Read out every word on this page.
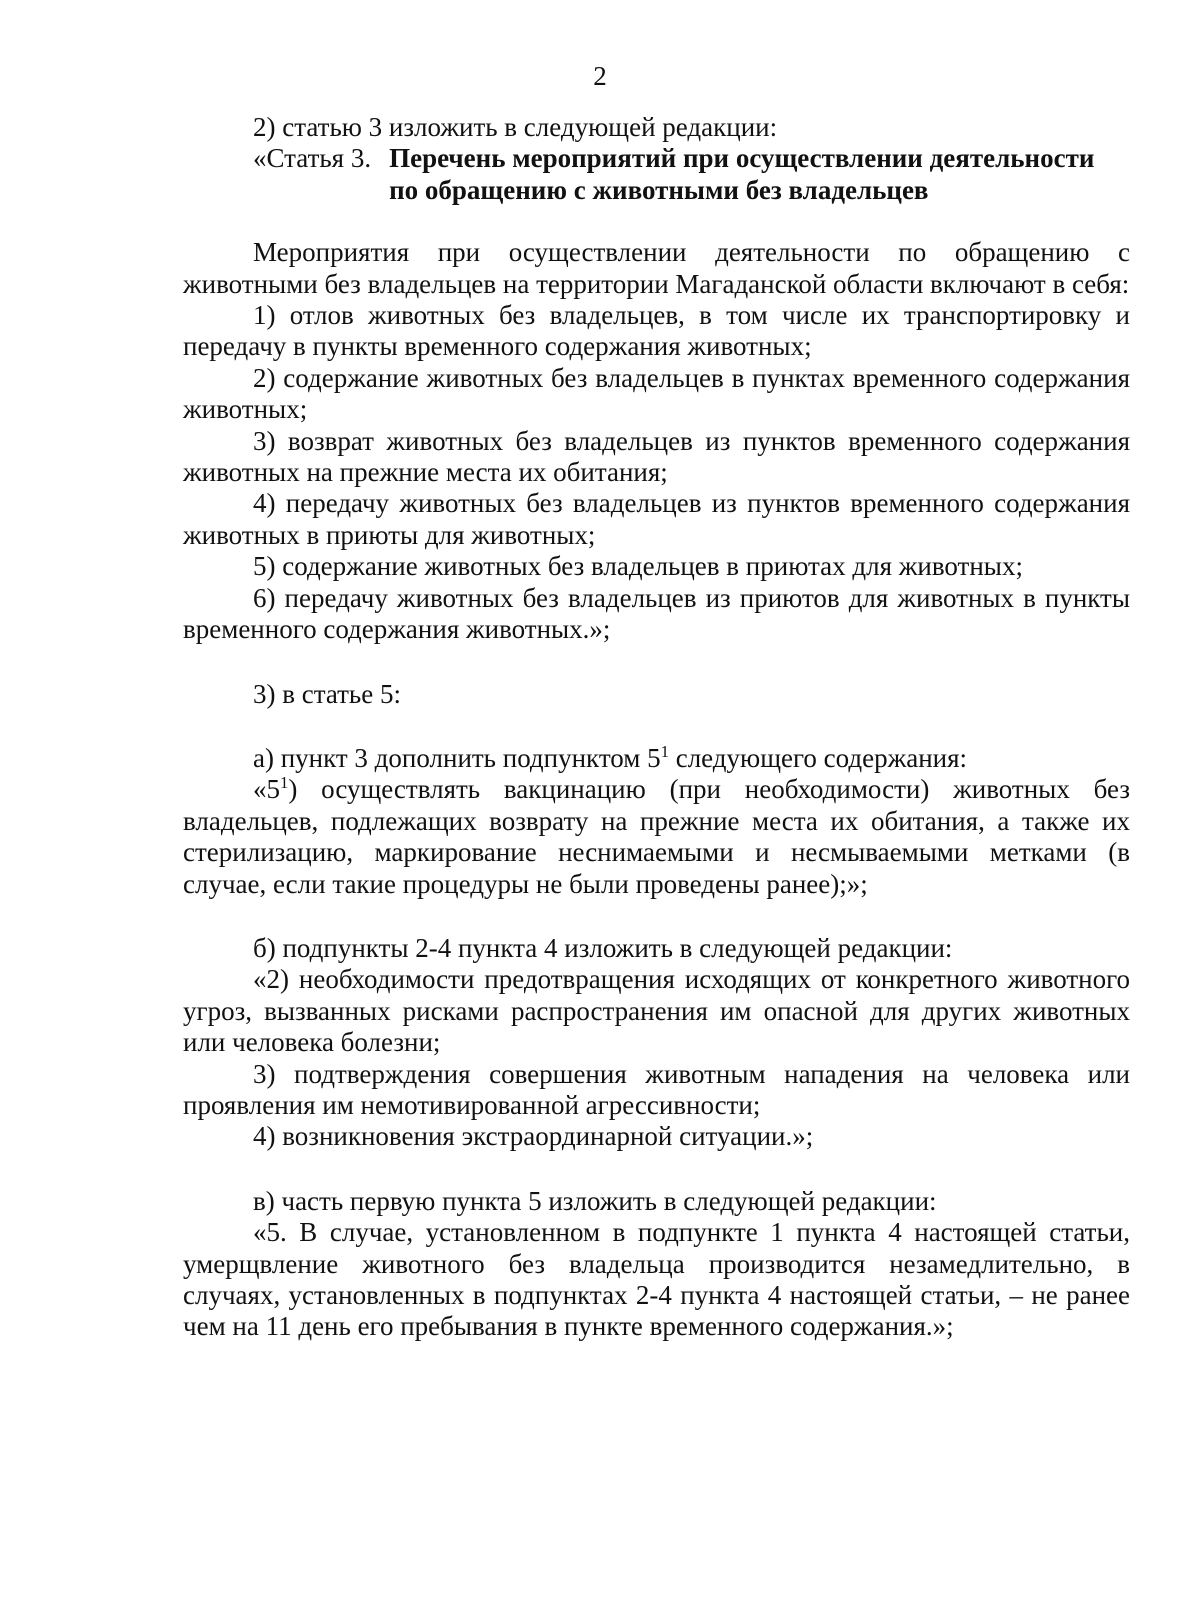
2

2) статью 3 изложить в следующей редакции:

«Статья 3. Перечень мероприятий при осуществлении деятельности по обращению с животными без владельцев

Мероприятия при осуществлении деятельности по обращению с животными без владельцев на территории Магаданской области включают в себя:

1) отлов животных без владельцев, в том числе их транспортировку и передачу в пункты временного содержания животных;

2) содержание животных без владельцев в пунктах временного содержания животных;

3) возврат животных без владельцев из пунктов временного содержания животных на прежние места их обитания;

4) передачу животных без владельцев из пунктов временного содержания животных в приюты для животных;

5) содержание животных без владельцев в приютах для животных;

6) передачу животных без владельцев из приютов для животных в пункты временного содержания животных.»;

3) в статье 5:

а) пункт 3 дополнить подпунктом $5^1$ следующего содержания:

«$5^1$) осуществлять вакцинацию (при необходимости) животных без владельцев, подлежащих возврату на прежние места их обитания, а также их стерилизацию, маркирование неснимаемыми и несмываемыми метками (в случае, если такие процедуры не были проведены ранее);»;

б) подпункты 2-4 пункта 4 изложить в следующей редакции:

«2) необходимости предотвращения исходящих от конкретного животного угроз, вызванных рисками распространения им опасной для других животных или человека болезни;

3) подтверждения совершения животным нападения на человека или проявления им немотивированной агрессивности;

4) возникновения экстраординарной ситуации.»;

в) часть первую пункта 5 изложить в следующей редакции:

«5. В случае, установленном в подпункте 1 пункта 4 настоящей статьи, умерщвление животного без владельца производится незамедлительно, в случаях, установленных в подпунктах 2-4 пункта 4 настоящей статьи, – не ранее чем на 11 день его пребывания в пункте временного содержания.»;
